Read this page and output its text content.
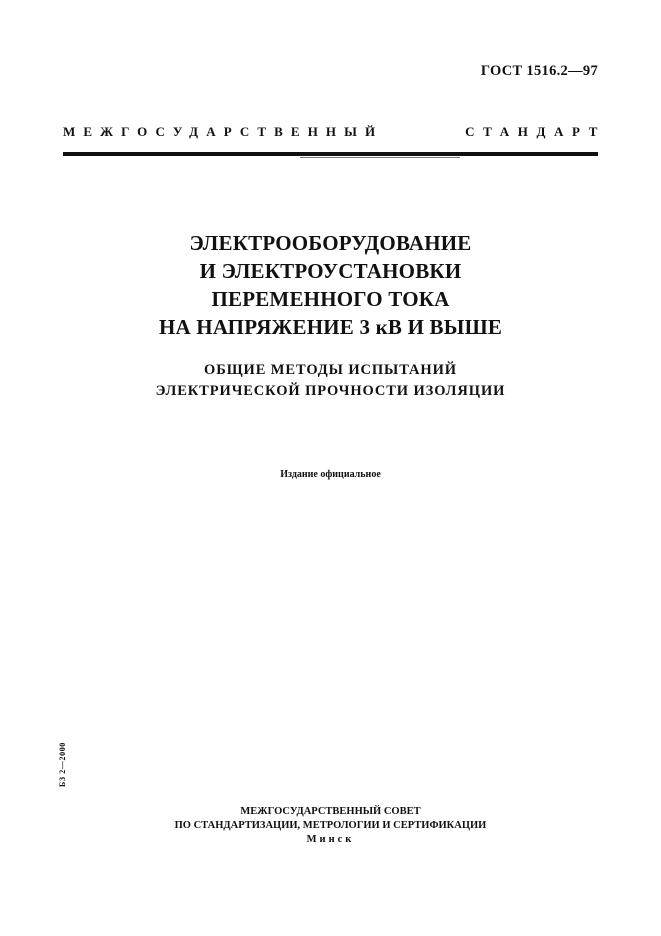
ГОСТ 1516.2—97
МЕЖГОСУДАРСТВЕННЫЙ	СТАНДАРТ
ЭЛЕКТРООБОРУДОВАНИЕ
И ЭЛЕКТРОУСТАНОВКИ
ПЕРЕМЕННОГО ТОКА
НА НАПРЯЖЕНИЕ 3 кВ И ВЫШЕ
ОБЩИЕ МЕТОДЫ ИСПЫТАНИЙ
ЭЛЕКТРИЧЕСКОЙ ПРОЧНОСТИ ИЗОЛЯЦИИ
Издание официальное
БЗ 2—2000
МЕЖГОСУДАРСТВЕННЫЙ СОВЕТ
ПО СТАНДАРТИЗАЦИИ, МЕТРОЛОГИИ И СЕРТИФИКАЦИИ
Минск
